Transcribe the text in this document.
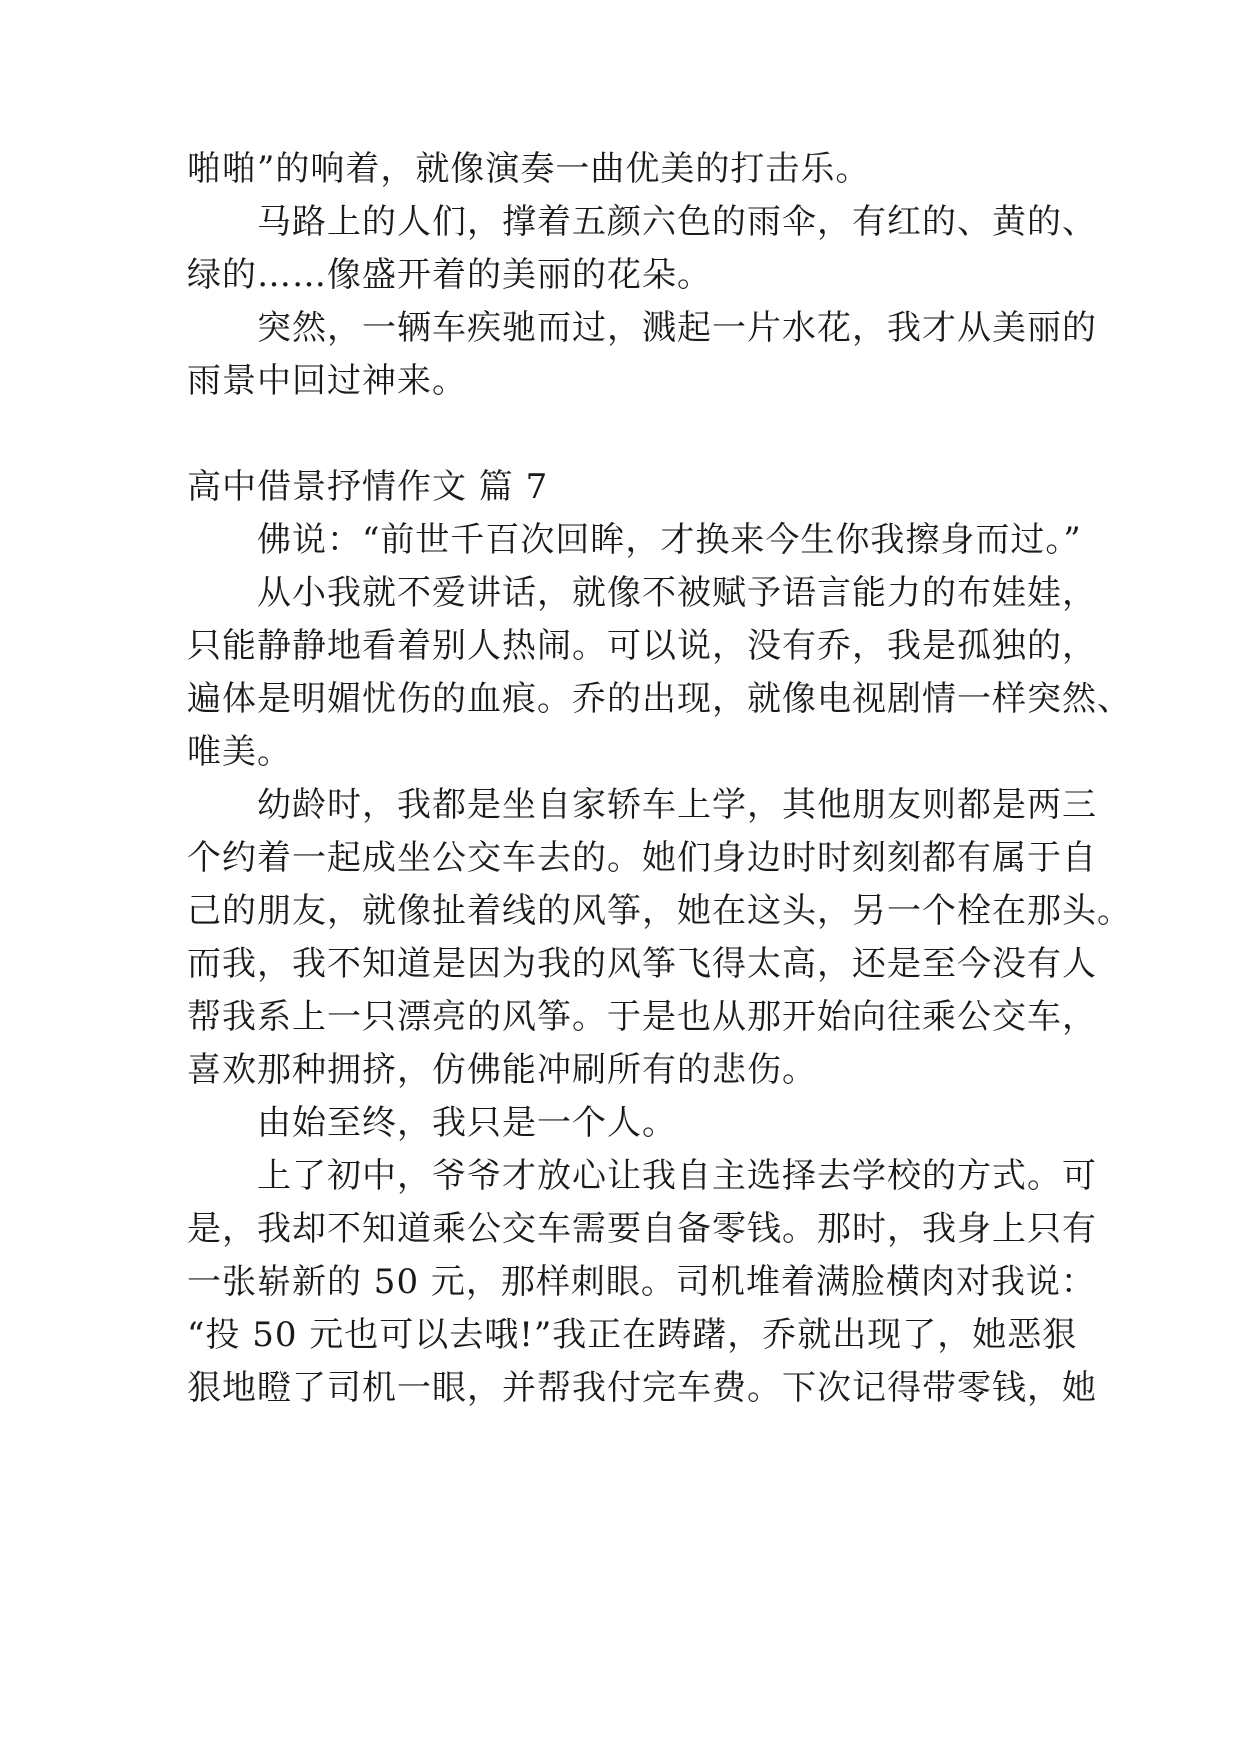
啪啪”的响着，就像演奏一曲优美的打击乐。
马路上的人们，撑着五颜六色的雨伞，有红的、黄的、
绿的……像盛开着的美丽的花朵。
突然，一辆车疾驰而过，溅起一片水花，我才从美丽的
雨景中回过神来。
高中借景抒情作文 篇 7
佛说：“前世千百次回眸，才换来今生你我擦身而过。”
从小我就不爱讲话，就像不被赋予语言能力的布娃娃，
只能静静地看着别人热闹。可以说，没有乔，我是孤独的，
遍体是明媚忧伤的血痕。乔的出现，就像电视剧情一样突然、
唯美。
幼龄时，我都是坐自家轿车上学，其他朋友则都是两三
个约着一起成坐公交车去的。她们身边时时刻刻都有属于自
己的朋友，就像扯着线的风筝，她在这头，另一个栓在那头。
而我，我不知道是因为我的风筝飞得太高，还是至今没有人
帮我系上一只漂亮的风筝。于是也从那开始向往乘公交车，
喜欢那种拥挤，仿佛能冲刷所有的悲伤。
由始至终，我只是一个人。
上了初中，爷爷才放心让我自主选择去学校的方式。可
是，我却不知道乘公交车需要自备零钱。那时，我身上只有
一张崭新的 50 元，那样刺眼。司机堆着满脸横肉对我说：
“投 50 元也可以去哦!”我正在踌躇，乔就出现了，她恶狠
狠地瞪了司机一眼，并帮我付完车费。下次记得带零钱，她
